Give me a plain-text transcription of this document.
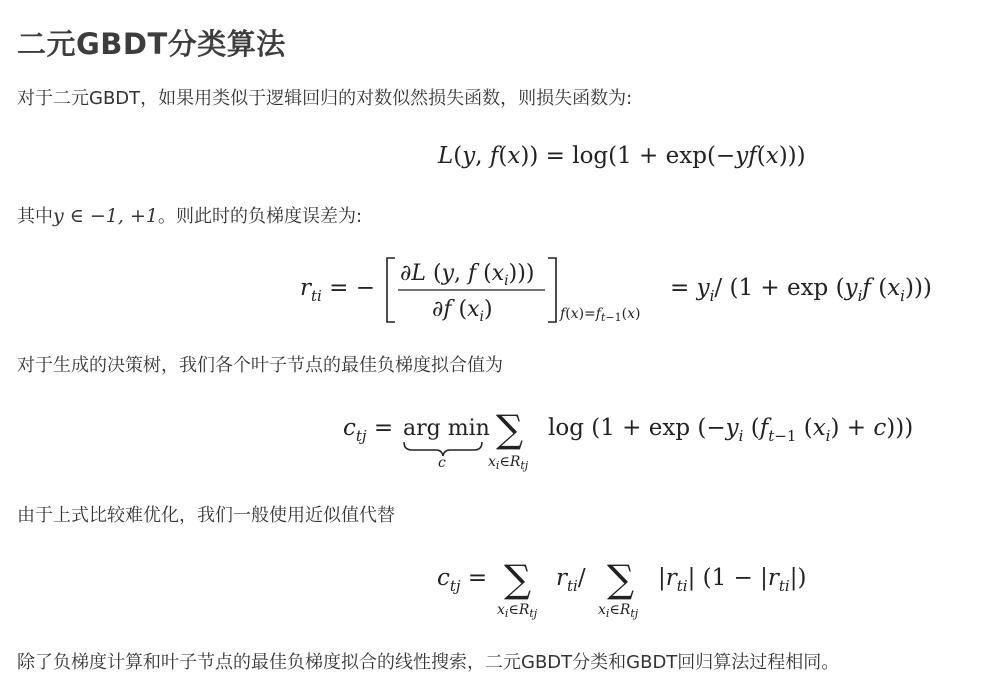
二元GBDT分类算法

对于二元GBDT，如果用类似于逻辑回归的对数似然损失函数，则损失函数为:

L(y, f(x)) = log(1 + exp(−yf(x)))

其中y ∈ −1, +1。则此时的负梯度误差为:

$r_{ti}$ = −
∂L (y, f $(x_i)$))
∂f $(x_i)$	$f(x)=f_t-1(x)$
= $y_i/$ ($1 + \exp (y_if$ $(x_i)$))

对于生成的决策树，我们各个叶子节点的最佳负梯度拟合值为

$c_{tj}$ = arg min
c
∑
$x_i\in R_{tj}$
$\log (1 + \exp (-y_i$ ($f_t-1$ $(x_i) + c$)))

由于上式比较难优化，我们一般使用近似值代替

$c_{tj}$ = ∑
$x_i\in R_{tj}$
$r_{ti}/$ ∑
$x_i\in R_{tj}$
$|r_{ti}|$ $(1 - |r_{ti}|)$

除了负梯度计算和叶子节点的最佳负梯度拟合的线性搜索，二元GBDT分类和GBDT回归算法过程相同。
